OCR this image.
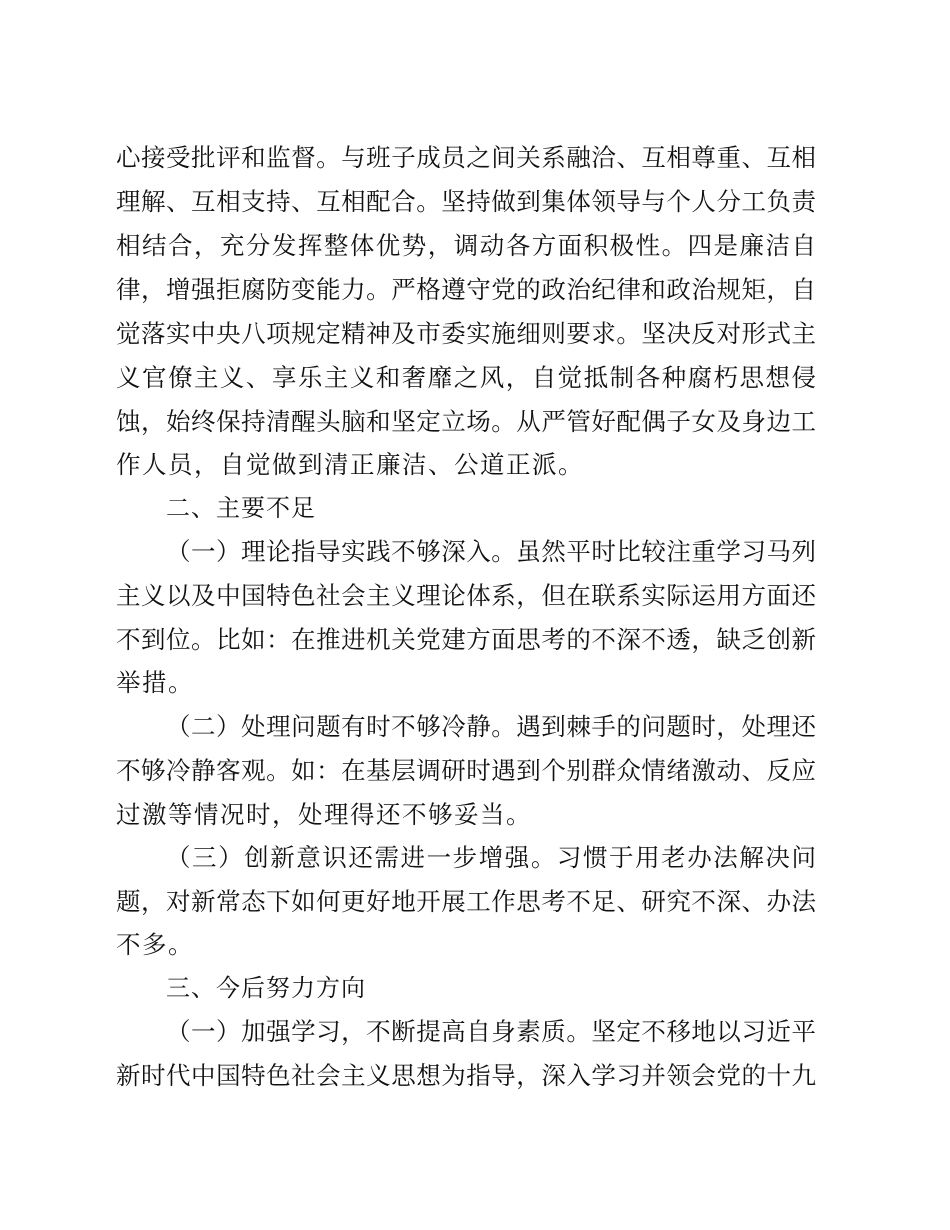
心接受批评和监督。与班子成员之间关系融洽、互相尊重、互相
理解、互相支持、互相配合。坚持做到集体领导与个人分工负责
相结合，充分发挥整体优势，调动各方面积极性。四是廉洁自
律，增强拒腐防变能力。严格遵守党的政治纪律和政治规矩，自
觉落实中央八项规定精神及市委实施细则要求。坚决反对形式主
义官僚主义、享乐主义和奢靡之风，自觉抵制各种腐朽思想侵
蚀，始终保持清醒头脑和坚定立场。从严管好配偶子女及身边工
作人员，自觉做到清正廉洁、公道正派。
二、主要不足
（一）理论指导实践不够深入。虽然平时比较注重学习马列
主义以及中国特色社会主义理论体系，但在联系实际运用方面还
不到位。比如：在推进机关党建方面思考的不深不透，缺乏创新
举措。
（二）处理问题有时不够冷静。遇到棘手的问题时，处理还
不够冷静客观。如：在基层调研时遇到个别群众情绪激动、反应
过激等情况时，处理得还不够妥当。
（三）创新意识还需进一步增强。习惯于用老办法解决问
题，对新常态下如何更好地开展工作思考不足、研究不深、办法
不多。
三、今后努力方向
（一）加强学习，不断提高自身素质。坚定不移地以习近平
新时代中国特色社会主义思想为指导，深入学习并领会党的十九
